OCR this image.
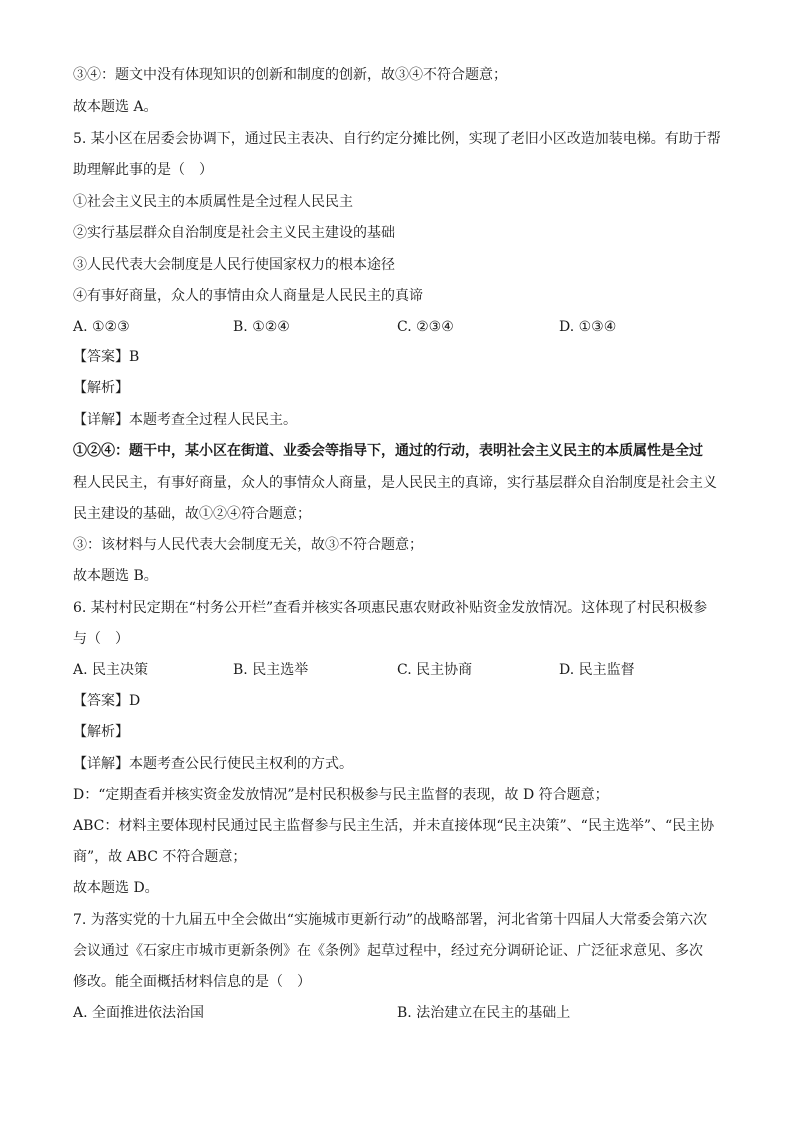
③④：题文中没有体现知识的创新和制度的创新，故③④不符合题意；
故本题选 A。
5. 某小区在居委会协调下，通过民主表决、自行约定分摊比例，实现了老旧小区改造加装电梯。有助于帮
助理解此事的是（　）
①社会主义民主的本质属性是全过程人民民主
②实行基层群众自治制度是社会主义民主建设的基础
③人民代表大会制度是人民行使国家权力的根本途径
④有事好商量，众人的事情由众人商量是人民民主的真谛
A. ①②③	B. ①②④	C. ②③④	D. ①③④
【答案】B
【解析】
【详解】本题考查全过程人民民主。
①②④：题干中，某小区在街道、业委会等指导下，通过的行动，表明社会主义民主的本质属性是全过
程人民民主，有事好商量，众人的事情众人商量，是人民民主的真谛，实行基层群众自治制度是社会主义
民主建设的基础，故①②④符合题意；
③：该材料与人民代表大会制度无关，故③不符合题意；
故本题选 B。
6. 某村村民定期在“村务公开栏”查看并核实各项惠民惠农财政补贴资金发放情况。这体现了村民积极参
与（　）
A. 民主决策	B. 民主选举	C. 民主协商	D. 民主监督
【答案】D
【解析】
【详解】本题考查公民行使民主权利的方式。
D：“定期查看并核实资金发放情况”是村民积极参与民主监督的表现，故 D 符合题意；
ABC：材料主要体现村民通过民主监督参与民主生活，并未直接体现“民主决策”、“民主选举”、“民主协
商”，故 ABC 不符合题意；
故本题选 D。
7. 为落实党的十九届五中全会做出“实施城市更新行动”的战略部署，河北省第十四届人大常委会第六次
会议通过《石家庄市城市更新条例》在《条例》起草过程中，经过充分调研论证、广泛征求意见、多次
修改。能全面概括材料信息的是（　）
A. 全面推进依法治国	B. 法治建立在民主的基础上
